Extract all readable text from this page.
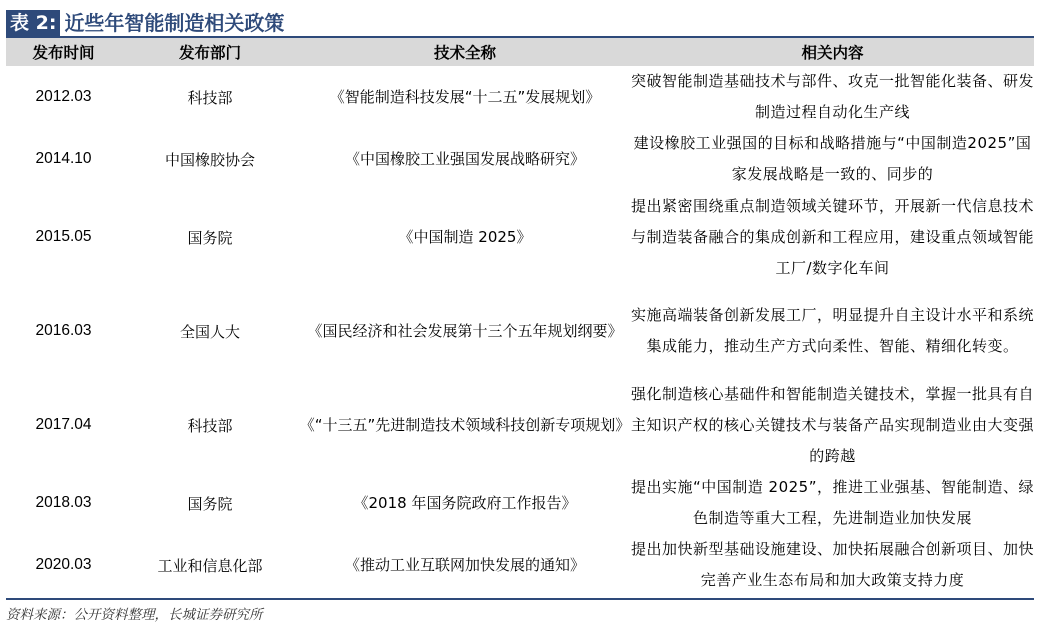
表 2: 近些年智能制造相关政策
发布时间	发布部门	技术全称	相关内容
2012.03	科技部	《智能制造科技发展“十二五”发展规划》	突破智能制造基础技术与部件、攻克一批智能化装备、研发制造过程自动化生产线
2014.10	中国橡胶协会	《中国橡胶工业强国发展战略研究》	建设橡胶工业强国的目标和战略措施与“中国制造2025”国家发展战略是一致的、同步的
2015.05	国务院	《中国制造 2025》	提出紧密围绕重点制造领域关键环节，开展新一代信息技术与制造装备融合的集成创新和工程应用，建设重点领域智能工厂/数字化车间
2016.03	全国人大	《国民经济和社会发展第十三个五年规划纲要》	实施高端装备创新发展工厂，明显提升自主设计水平和系统集成能力，推动生产方式向柔性、智能、精细化转变。
2017.04	科技部	《“十三五”先进制造技术领域科技创新专项规划》	强化制造核心基础件和智能制造关键技术，掌握一批具有自主知识产权的核心关键技术与装备产品实现制造业由大变强的跨越
2018.03	国务院	《2018 年国务院政府工作报告》	提出实施“中国制造 2025”，推进工业强基、智能制造、绿色制造等重大工程，先进制造业加快发展
2020.03	工业和信息化部	《推动工业互联网加快发展的通知》	提出加快新型基础设施建设、加快拓展融合创新项目、加快完善产业生态布局和加大政策支持力度
资料来源：公开资料整理，长城证券研究所
